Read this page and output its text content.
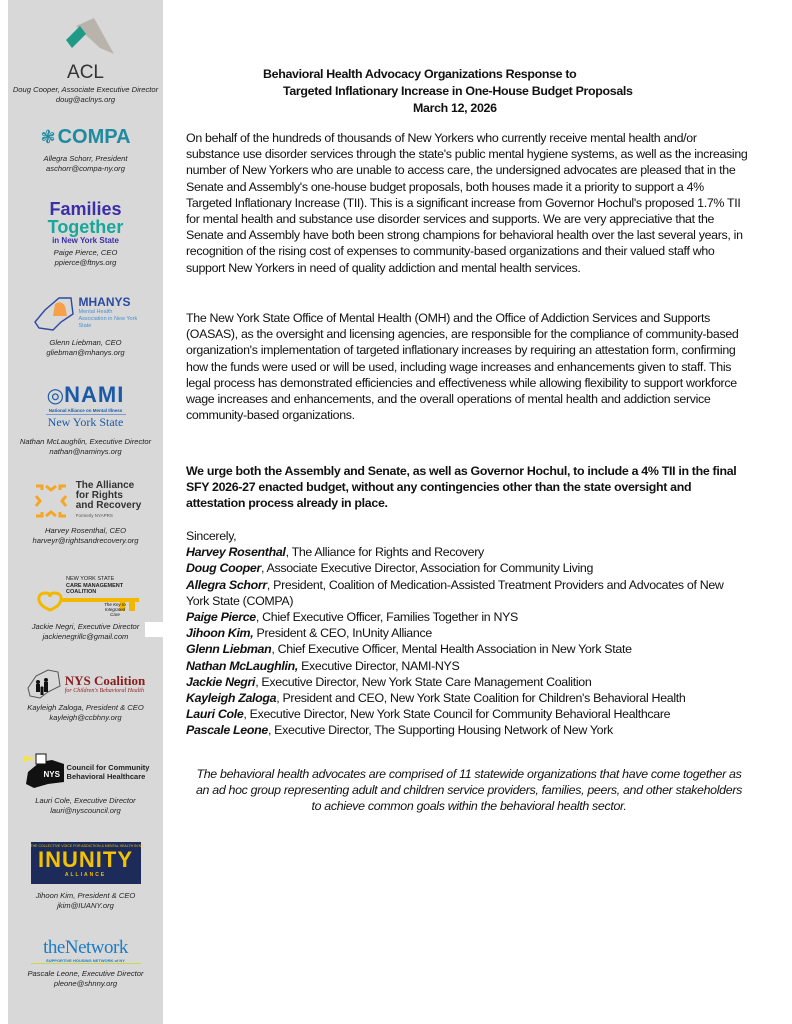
ACL
Doug Cooper, Associate Executive Director
doug@aclnys.org
❃ COMPA
Allegra Schorr, President
aschorr@compa-ny.org
Families
Together
in New York State
Paige Pierce, CEO
ppierce@ftnys.org
MHANYS
Mental Health Association in New York State
Glenn Liebman, CEO
gliebman@mhanys.org
◎ NAMI
National Alliance on Mental Illness
New York State
Nathan McLaughlin, Executive Director
nathan@naminys.org
The Alliance
for Rights
and Recovery
Formerly NYAPRS
Harvey Rosenthal, CEO
harveyr@rightsandrecovery.org
NEW YORK STATE
CARE MANAGEMENT
COALITION
The Key to Integrated Care
Jackie Negri, Executive Director
jackienegrillc@gmail.com
NYS Coalition
for Children's Behavioral Health
Kayleigh Zaloga, President & CEO
kayleigh@ccbhny.org
NYS
Council for Community
Behavioral Healthcare
Lauri Cole, Executive Director
lauri@nyscouncil.org
THE COLLECTIVE VOICE FOR ADDICTION & MENTAL HEALTH IN NY
INUNITY
ALLIANCE
Jihoon Kim, President & CEO
jkim@IUANY.org
theNetwork
SUPPORTIVE HOUSING NETWORK of NY
Pascale Leone, Executive Director
pleone@shnny.org
Behavioral Health Advocacy Organizations Response to
Targeted Inflationary Increase in One-House Budget Proposals
March 12, 2026

On behalf of the hundreds of thousands of New Yorkers who currently receive mental health and/or substance use disorder services through the state's public mental hygiene systems, as well as the increasing number of New Yorkers who are unable to access care, the undersigned advocates are pleased that in the Senate and Assembly's one-house budget proposals, both houses made it a priority to support a 4% Targeted Inflationary Increase (TII). This is a significant increase from Governor Hochul's proposed 1.7% TII for mental health and substance use disorder services and supports. We are very appreciative that the Senate and Assembly have both been strong champions for behavioral health over the last several years, in recognition of the rising cost of expenses to community-based organizations and their valued staff who support New Yorkers in need of quality addiction and mental health services.

The New York State Office of Mental Health (OMH) and the Office of Addiction Services and Supports (OASAS), as the oversight and licensing agencies, are responsible for the compliance of community-based organization's implementation of targeted inflationary increases by requiring an attestation form, confirming how the funds were used or will be used, including wage increases and enhancements given to staff. This legal process has demonstrated efficiencies and effectiveness while allowing flexibility to support workforce wage increases and enhancements, and the overall operations of mental health and addiction service community-based organizations.

We urge both the Assembly and Senate, as well as Governor Hochul, to include a 4% TII in the final SFY 2026-27 enacted budget, without any contingencies other than the state oversight and attestation process already in place.

Sincerely,
Harvey Rosenthal, The Alliance for Rights and Recovery
Doug Cooper, Associate Executive Director, Association for Community Living
Allegra Schorr, President, Coalition of Medication-Assisted Treatment Providers and Advocates of New York State (COMPA)
Paige Pierce, Chief Executive Officer, Families Together in NYS
Jihoon Kim, President & CEO, InUnity Alliance
Glenn Liebman, Chief Executive Officer, Mental Health Association in New York State
Nathan McLaughlin, Executive Director, NAMI-NYS
Jackie Negri, Executive Director, New York State Care Management Coalition
Kayleigh Zaloga, President and CEO, New York State Coalition for Children's Behavioral Health
Lauri Cole, Executive Director, New York State Council for Community Behavioral Healthcare
Pascale Leone, Executive Director, The Supporting Housing Network of New York

The behavioral health advocates are comprised of 11 statewide organizations that have come together as an ad hoc group representing adult and children service providers, families, peers, and other stakeholders to achieve common goals within the behavioral health sector.
